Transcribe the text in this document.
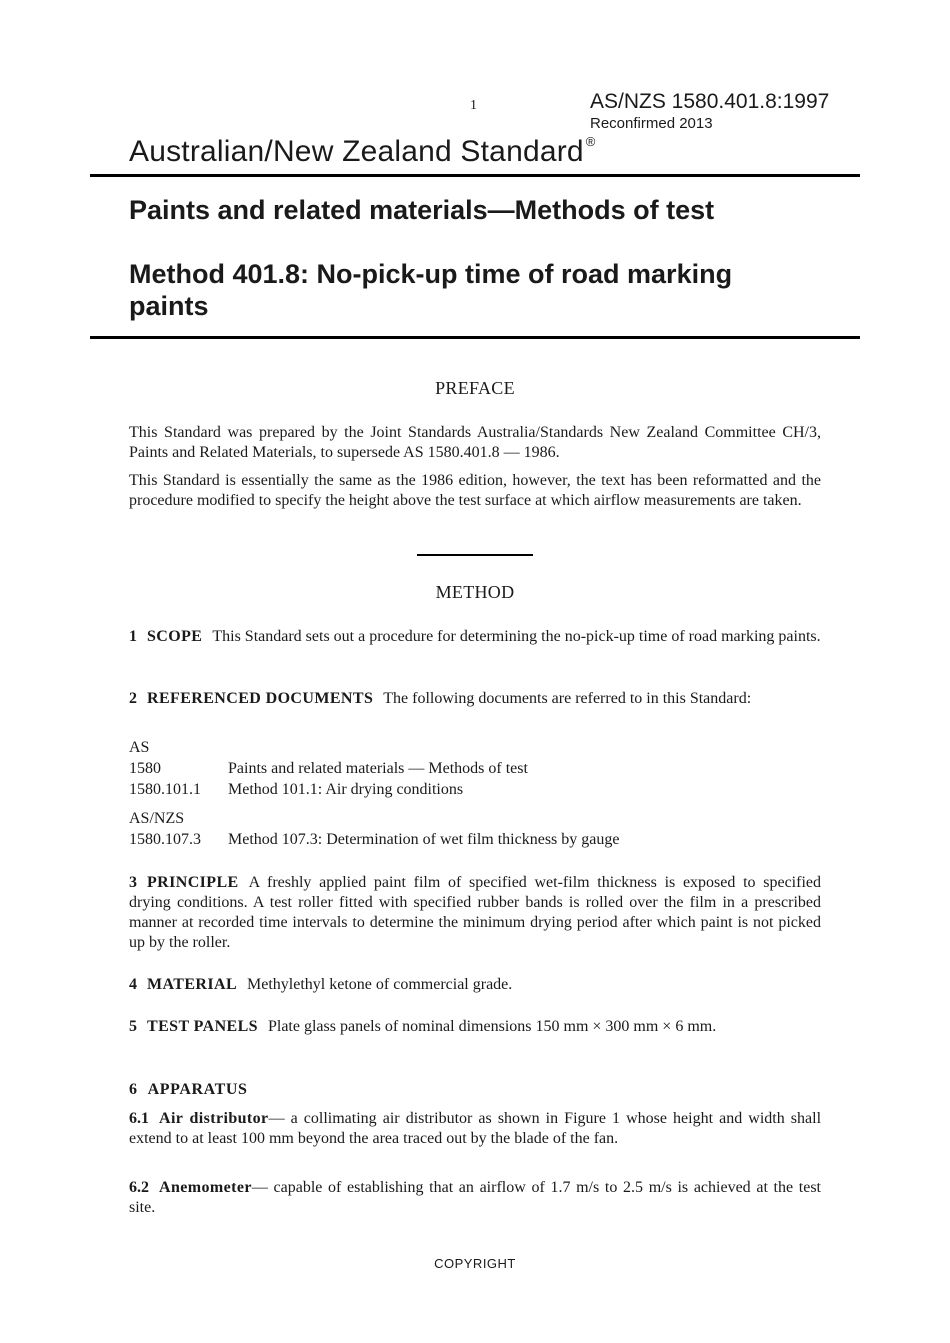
1	AS/NZS 1580.401.8:1997
Reconfirmed 2013
Australian/New Zealand Standard ®
Paints and related materials—Methods of test
Method 401.8: No-pick-up time of road marking paints
PREFACE
This Standard was prepared by the Joint Standards Australia/Standards New Zealand Committee CH/3, Paints and Related Materials, to supersede AS 1580.401.8 — 1986.
This Standard is essentially the same as the 1986 edition, however, the text has been reformatted and the procedure modified to specify the height above the test surface at which airflow measurements are taken.
METHOD
1 SCOPE This Standard sets out a procedure for determining the no-pick-up time of road marking paints.
2 REFERENCED DOCUMENTS The following documents are referred to in this Standard:
AS
1580	Paints and related materials — Methods of test
1580.101.1	Method 101.1: Air drying conditions
AS/NZS
1580.107.3	Method 107.3: Determination of wet film thickness by gauge
3 PRINCIPLE A freshly applied paint film of specified wet-film thickness is exposed to specified drying conditions. A test roller fitted with specified rubber bands is rolled over the film in a prescribed manner at recorded time intervals to determine the minimum drying period after which paint is not picked up by the roller.
4 MATERIAL Methylethyl ketone of commercial grade.
5 TEST PANELS Plate glass panels of nominal dimensions 150 mm × 300 mm × 6 mm.
6 APPARATUS
6.1 Air distributor— a collimating air distributor as shown in Figure 1 whose height and width shall extend to at least 100 mm beyond the area traced out by the blade of the fan.
6.2 Anemometer— capable of establishing that an airflow of 1.7 m/s to 2.5 m/s is achieved at the test site.
COPYRIGHT
